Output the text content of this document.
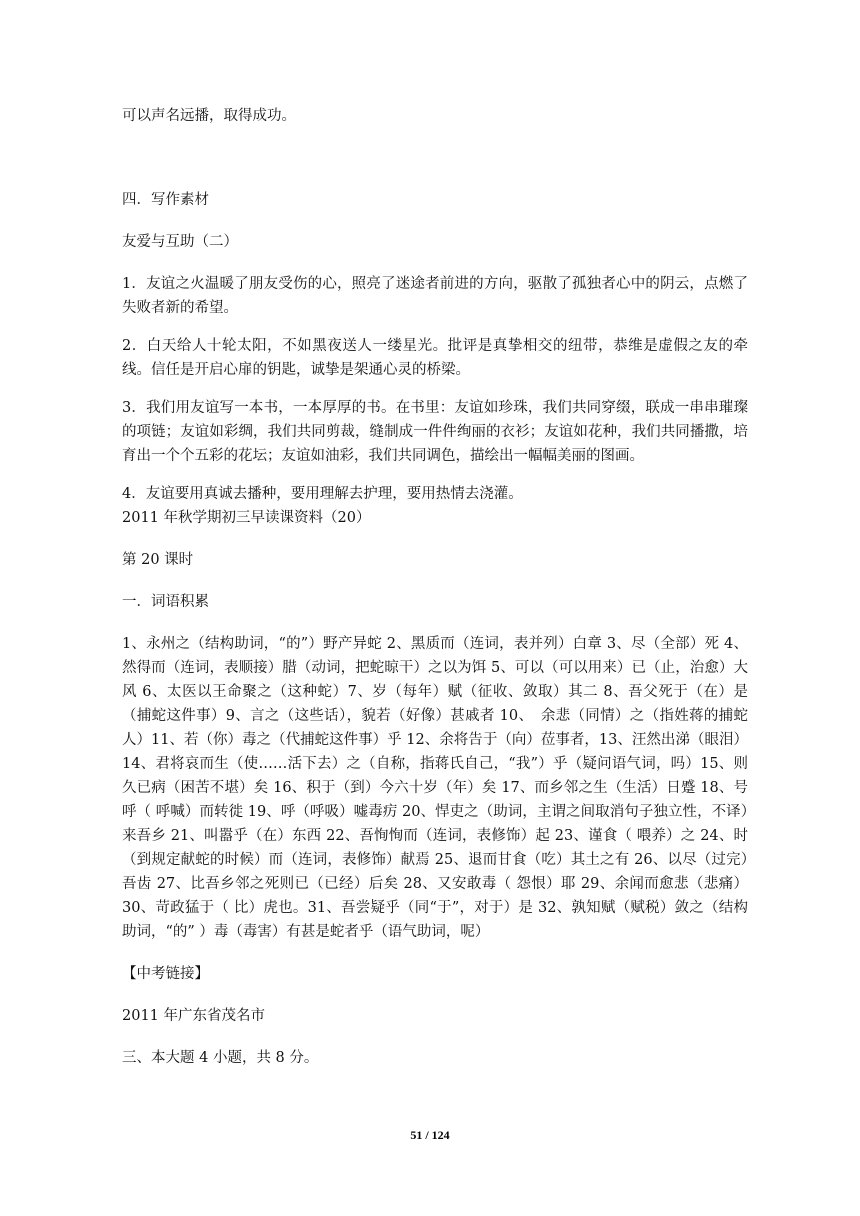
可以声名远播，取得成功。

四．写作素材

友爱与互助（二）

1．友谊之火温暖了朋友受伤的心，照亮了迷途者前进的方向，驱散了孤独者心中的阴云，点燃了失败者新的希望。

2．白天给人十轮太阳，不如黑夜送人一缕星光。批评是真挚相交的纽带，恭维是虚假之友的牵线。信任是开启心扉的钥匙，诚挚是架通心灵的桥梁。

3．我们用友谊写一本书，一本厚厚的书。在书里：友谊如珍珠，我们共同穿缀，联成一串串璀璨的项链；友谊如彩绸，我们共同剪裁，缝制成一件件绚丽的衣衫；友谊如花种，我们共同播撒，培育出一个个五彩的花坛；友谊如油彩，我们共同调色，描绘出一幅幅美丽的图画。

4．友谊要用真诚去播种，要用理解去护理，要用热情去浇灌。

2011 年秋学期初三早读课资料（20）

第 20 课时

一．词语积累

1、永州之（结构助词，“的”）野产异蛇 2、黑质而（连词，表并列）白章 3、尽（全部）死 4、然得而（连词，表顺接）腊（动词，把蛇晾干）之以为饵 5、可以（可以用来）已（止，治愈）大风 6、太医以王命聚之（这种蛇）7、岁（每年）赋（征收、敛取）其二 8、吾父死于（在）是（捕蛇这件事）9、言之（这些话），貌若（好像）甚戚者 10、　余悲（同情）之（指姓蒋的捕蛇人）11、若（你）毒之（代捕蛇这件事）乎 12、余将告于（向）莅事者，13、汪然出涕（眼泪）14、君将哀而生（使……活下去）之（自称，指蒋氏自己，“我”）乎（疑问语气词，吗）15、则久已病（困苦不堪）矣 16、积于（到）今六十岁（年）矣 17、而乡邻之生（生活）日蹙 18、号呼（ 呼喊）而转徙 19、呼（呼吸）嘘毒疠 20、悍吏之（助词，主谓之间取消句子独立性，不译）来吾乡 21、叫嚣乎（在）东西 22、吾恂恂而（连词，表修饰）起 23、谨食（ 喂养）之 24、时（到规定献蛇的时候）而（连词，表修饰）献焉 25、退而甘食（吃）其土之有 26、以尽（过完）吾齿 27、比吾乡邻之死则已（已经）后矣 28、又安敢毒（ 怨恨）耶 29、余闻而愈悲（悲痛）30、苛政猛于（ 比）虎也。31、吾尝疑乎（同“于”，对于）是 32、孰知赋（赋税）敛之（结构助词，“的” ）毒（毒害）有甚是蛇者乎（语气助词，呢）

【中考链接】

2011 年广东省茂名市

三、本大题 4 小题，共 8 分。

51 / 124
